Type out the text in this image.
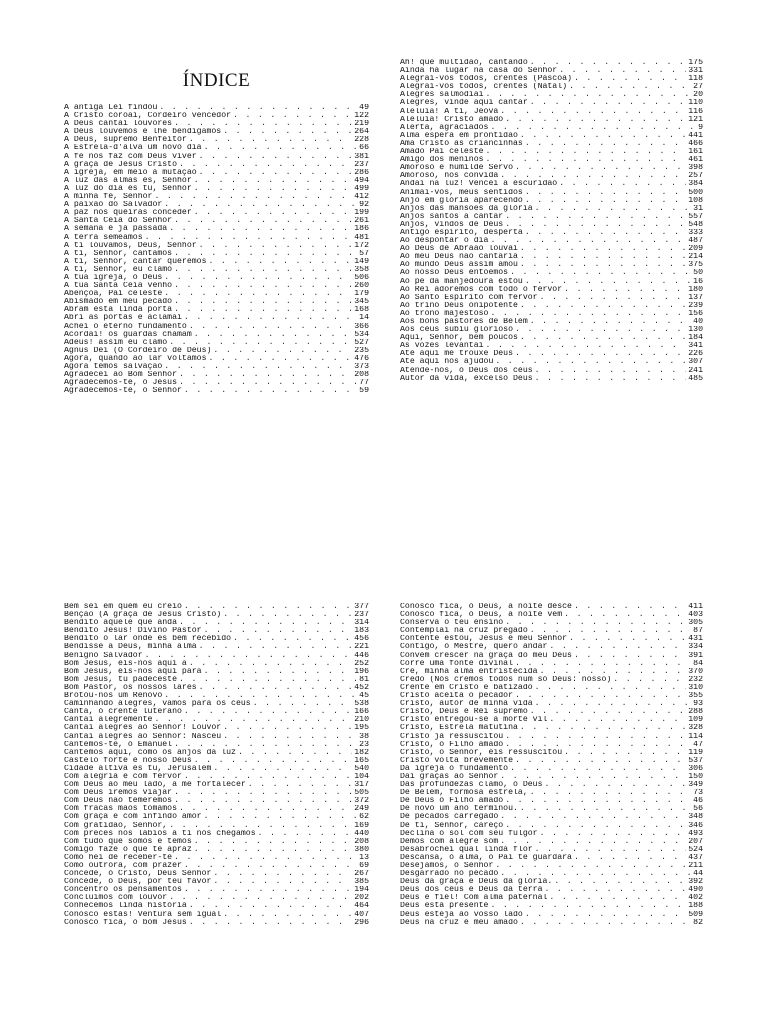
ÍNDICE
A antiga Lei findou . . .	49
A Cristo coroai, Cordeiro vencedor . . .	122
A Deus cantai louvores . . .	219
A Deus louvemos e lhe bendigamos . . .	264
A Deus, supremo Benfeitor . . .	228
A Estrela-d'alva um novo dia . . .	66
A fé nos faz com Deus viver . . .	381
A graça de Jesus Cristo . . .	237
A igreja, em meio à mutação . . .	286
A luz das almas és, Senhor . . .	494
A luz do dia és tu, Senhor . . .	499
A minha fé, Senhor . . .	412
A paixão do Salvador . . .	92
A paz nos queiras conceder . . .	199
A Santa Ceia do Senhor . . .	261
A semana é já passada . . .	186
A terra semeamos . . .	481
A ti louvamos, Deus, Senhor . . .	172
A ti, Senhor, cantamos . . .	57
A ti, Senhor, cantar queremos . . .	149
A ti, Senhor, eu clamo . . .	358
A tua igreja, ó Deus . . .	506
A tua Santa Ceia venho . . .	260
Abençoa, Pai celeste . . .	179
Abismado em meu pecado . . .	345
Abram esta linda porta . . .	168
Abri as portas e aclamai . . .	14
Achei o eterno fundamento . . .	366
Acordai! os guardas chamam . . .	534
Adeus! assim eu clamo . . .	527
Agnus Dei (Ó Cordeiro de Deus) . . .	235
Agora, quando ao lar voltamos . . .	476
Agora temos salvação . . .	373
Agradecei ao Bom Senhor . . .	208
Agradecemos-te, ó Jesus . . .	77
Agradecemos-te, ó Senhor . . .	59
Ah! que multidão, cantando . . .	175
Ainda há lugar na casa do Senhor . . .	331
Alegrai-vos todos, crentes (Páscoa) . . .	118
Alegrai-vos todos, crentes (Natal) . . .	27
Alegres salmodiai . . .	20
Alegres, vinde aqui cantar . . .	110
Aleluia! A ti, Jeová . . .	116
Aleluia! Cristo amado . . .	121
Alerta, agraciados . . .	9
Alma espera em prontidão . . .	441
Ama Cristo as criancinhas . . .	466
Amado Pai celeste . . .	161
Amigo dos meninos . . .	461
Amoroso e humilde Servo . . .	398
Amoroso, nos convida . . .	257
Andai na luz! Vencei a escuridão . . .	384
Animai-vos, meus sentidos . . .	500
Anjo em glória aparecendo . . .	108
Anjos das mansões da glória . . .	31
Anjos santos a cantar . . .	557
Anjos, vindos de Deus . . .	548
Antigo espírito, desperta . . .	333
Ao despontar o dia . . .	487
Ao Deus de Abraão louvai . . .	209
Ao meu Deus não cantaria . . .	214
Ao mundo Deus assim amou . . .	375
Ao nosso Deus entoemos . . .	50
Ao pé da manjedoura estou . . .	16
Ao Rei adoremos com todo o fervor . . .	180
Ao Santo Espírito com fervor . . .	137
Ao trino Deus onipotente . . .	239
Ao trono majestoso . . .	156
Aos bons pastores de Belém . . .	40
Aos céus subiu glorioso . . .	130
Aqui, Senhor, bem poucos . . .	184
As vozes levantai . . .	341
Até aqui me trouxe Deus . . .	226
Até aqui nos ajudou . . .	307
Atende-nos, ó Deus dos céus . . .	241
Autor da vida, excelso Deus . . .	485
Bem sei em quem eu creio . . .	377
Bênção (A graça de Jesus Cristo) . . .	237
Bendito aquele que anda . . .	314
Bendito Jesus! Divino Pastor . . .	183
Bendito o lar onde és bem recebido . . .	456
Bendisse a Deus, minha alma . . .	221
Benigno Salvador . . .	446
Bom Jesus, eis-nos aqui a . . .	252
Bom Jesus, eis-nos aqui para . . .	196
Bom Jesus, tu padeceste . . .	81
Bom Pastor, os nossos lares . . .	452
Brotou-nos um Renovo . . .	45
Caminhando alegres, vamos para os céus . . .	538
Canta, ó crente luterano . . .	166
Cantai alegremente . . .	210
Cantai alegres ao Senhor! Louvor . . .	195
Cantai alegres ao Senhor: Nasceu . . .	38
Cantemos-te, ó Emanuel . . .	23
Cantemos aqui, como os anjos da luz . . .	182
Castelo forte é nosso Deus . . .	165
Cidade altiva és tu, Jerusalém . . .	540
Com alegria e com fervor . . .	104
Com Deus ao meu lado, a me fortalecer . . .	317
Com Deus iremos viajar . . .	505
Com Deus não temeremos . . .	372
Com fracas mãos tomamos . . .	249
Com graça e com infindo amor . . .	62
Com gratidão, Senhor, . . .	169
Com preces nos lábios a ti nós chegamos . . .	440
Com tudo que somos e temos . . .	208
Comigo faze o que te apraz . . .	380
Como hei de receber-te . . .	13
Como outrora, com prazer . . .	69
Concede, ó Cristo, Deus Senhor . . .	267
Concede, ó Deus, por teu favor . . .	385
Concentro os pensamentos . . .	194
Concluímos com louvor . . .	202
Conhecemos linda história . . .	464
Conosco estás! Ventura sem igual . . .	407
Conosco fica, ó bom Jesus . . .	296
Conosco fica, ó Deus, a noite desce . . .	411
Conosco fica, ó Deus, a noite vem . . .	403
Conserva o teu ensino . . .	305
Contemplai na cruz pregado . . .	87
Contente estou, Jesus é meu Senhor . . .	431
Contigo, ó Mestre, quero andar . . .	334
Convém crescer na graça do meu Deus . . .	391
Corre uma fonte divinal . . .	84
Crê, minha alma entristecida . . .	370
Credo (Nós cremos todos num só Deus: nosso) . . .	232
Crente em Cristo e batizado . . .	310
Cristo aceita o pecador . . .	355
Cristo, autor de minha vida . . .	93
Cristo, Deus e Rei supremo . . .	288
Cristo entregou-se à morte vil . . .	109
Cristo, Estrela matutina . . .	328
Cristo já ressuscitou . . .	114
Cristo, o Filho amado . . .	47
Cristo, o Senhor, eis ressuscitou . . .	119
Cristo volta brevemente . . .	537
Da igreja o fundamento . . .	306
Dai graças ao Senhor . . .	150
Das profundezas clamo, ó Deus . . .	349
De Belém, formosa estrela, . . .	73
De Deus o Filho amado . . .	46
De novo um ano terminou. . . .	56
De pecados carregado . . .	348
De ti, Senhor, careço . . .	346
Declina o sol com seu fulgor . . .	493
Demos com alegre som . . .	207
Desabrochei qual linda flor . . .	524
Descansa, ó alma, o Pai te guardará . . .	437
Desejamos, ó Senhor . . .	211
Desgarrado no pecado . . .	44
Deus da graça e Deus da glória. . . .	392
Deus dos céus e Deus da terra . . .	490
Deus é fiel! Com alma paternal . . .	402
Deus está presente . . .	188
Deus esteja ao vosso lado . . .	509
Deus na cruz é meu amado . . .	82
